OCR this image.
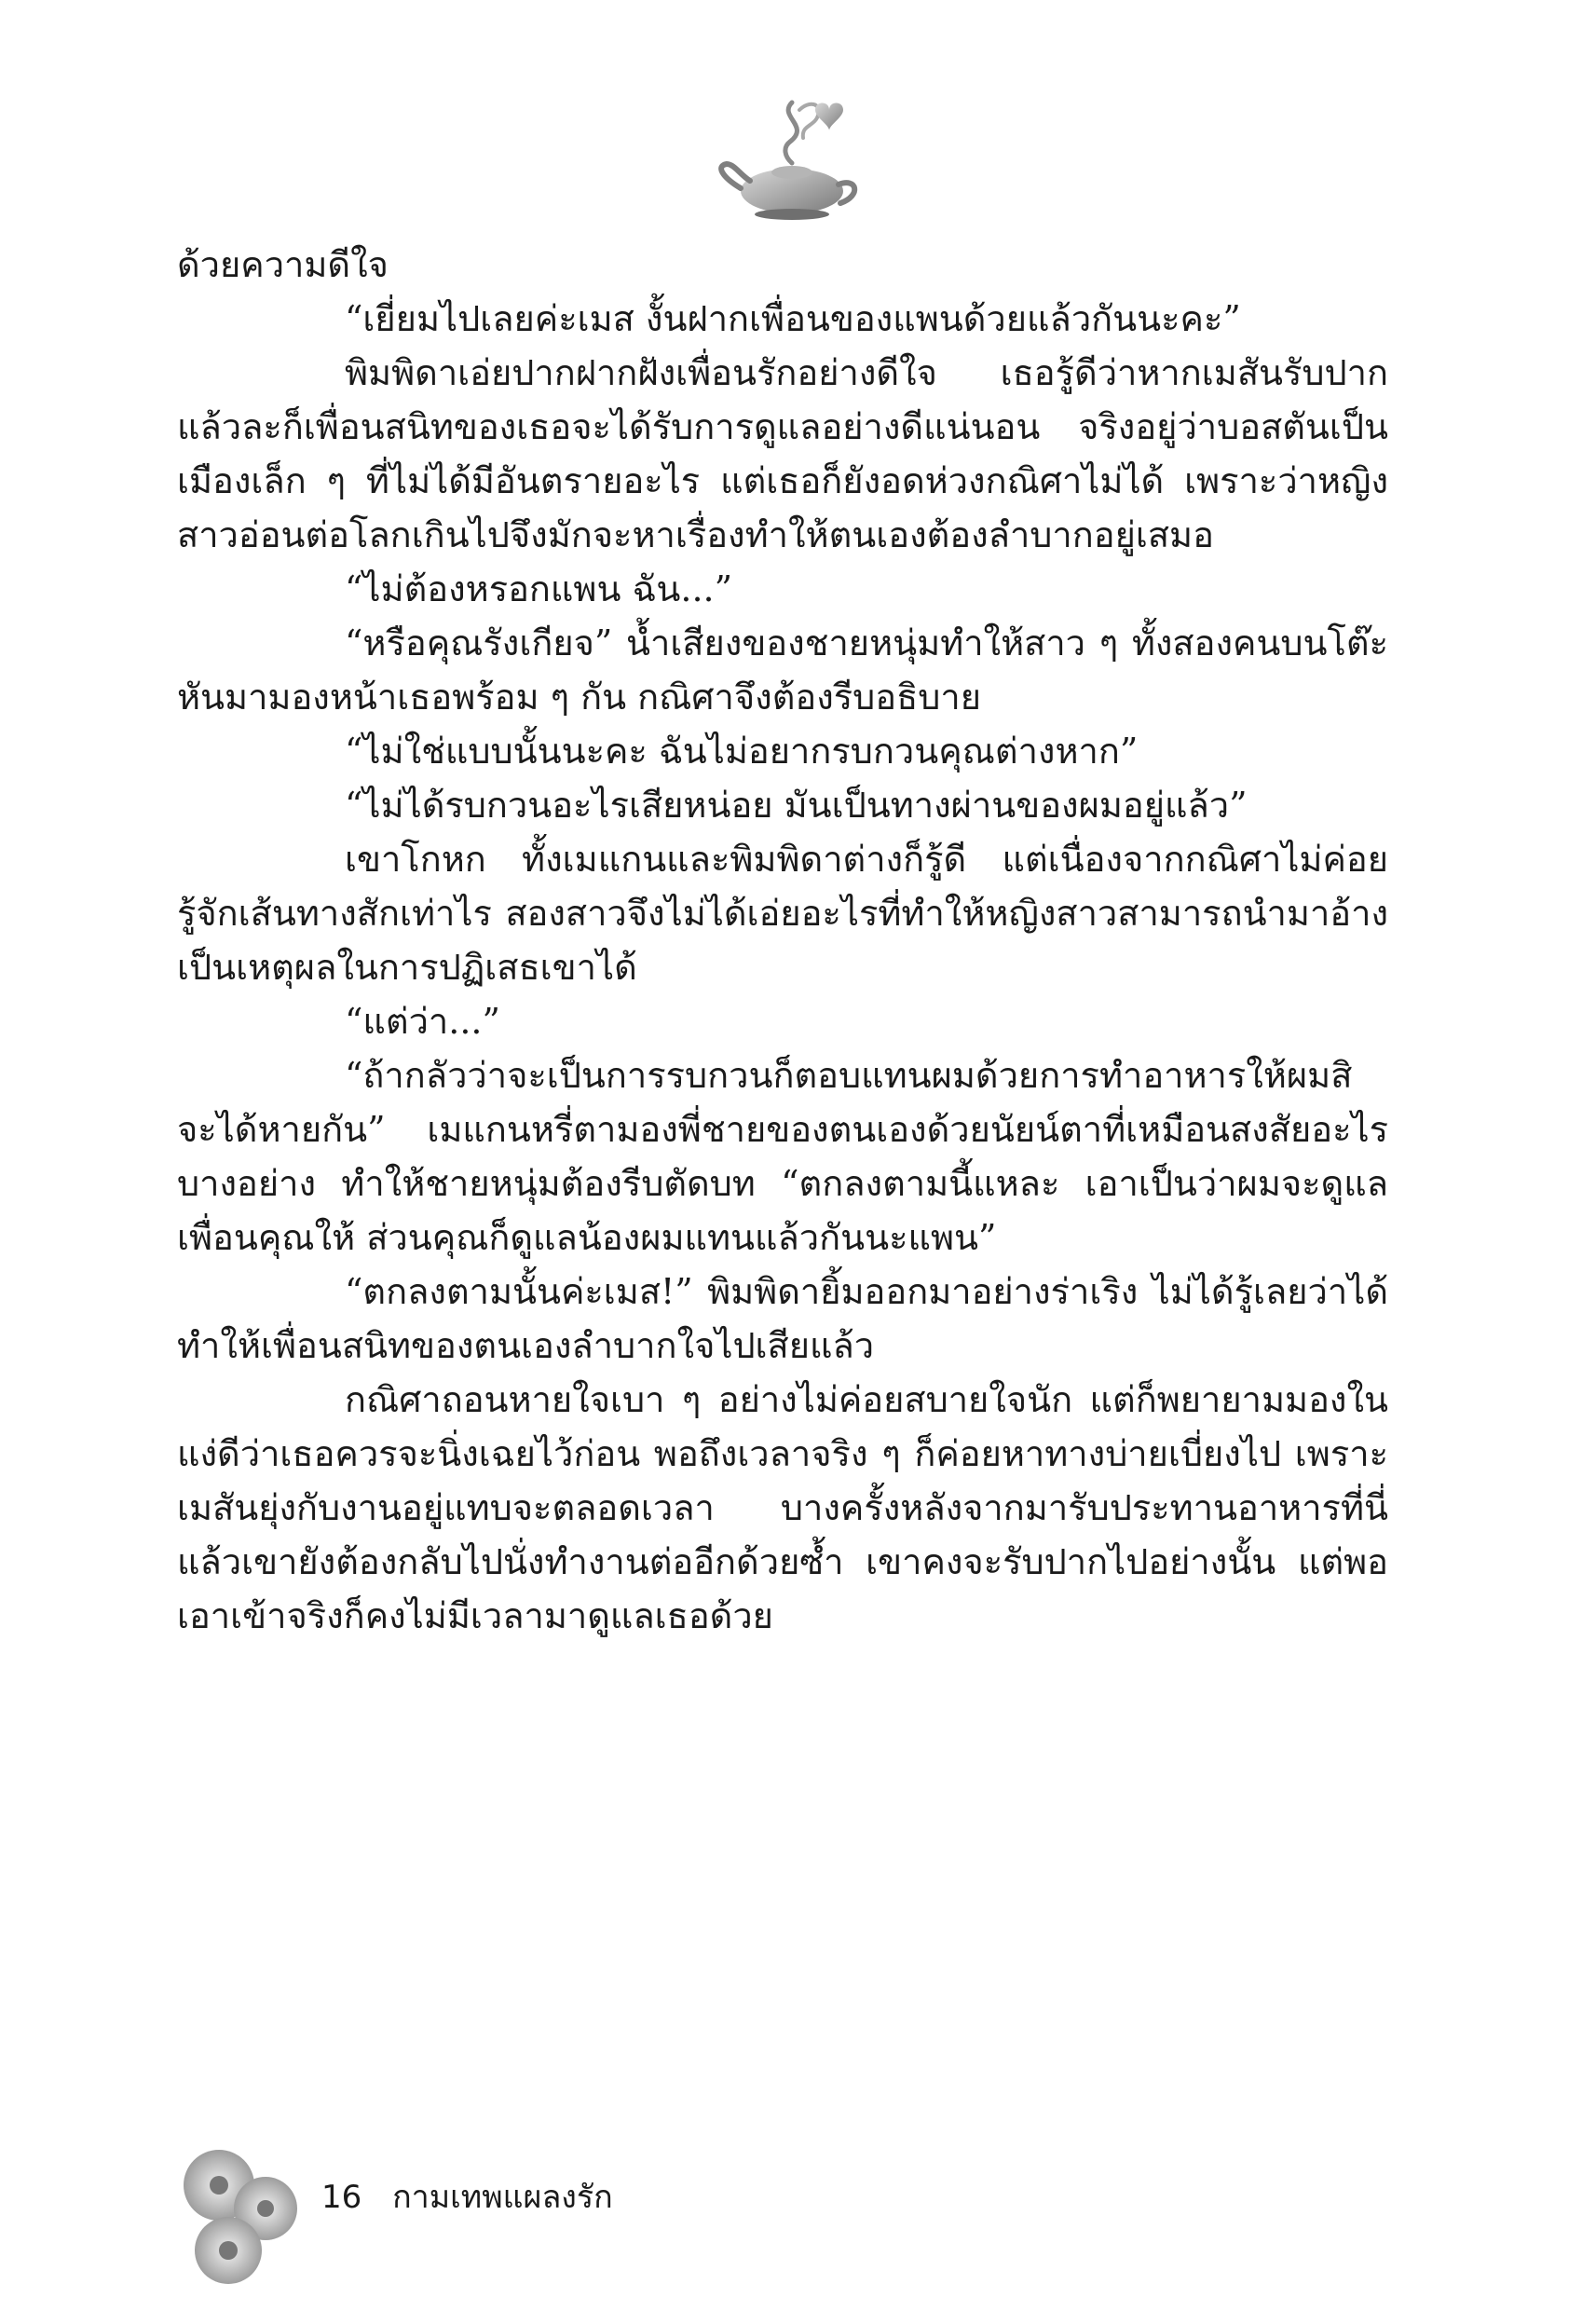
ด้วยความดีใจ

“เยี่ยมไปเลยค่ะเมส งั้นฝากเพื่อนของแพนด้วยแล้วกันนะคะ”

พิมพิดาเอ่ยปากฝากฝังเพื่อนรักอย่างดีใจ เธอรู้ดีว่าหากเมสันรับปากแล้วละก็เพื่อนสนิทของเธอจะได้รับการดูแลอย่างดีแน่นอน จริงอยู่ว่าบอสตันเป็นเมืองเล็ก ๆ ที่ไม่ได้มีอันตรายอะไร แต่เธอก็ยังอดห่วงกณิศาไม่ได้ เพราะว่าหญิงสาวอ่อนต่อโลกเกินไปจึงมักจะหาเรื่องทำให้ตนเองต้องลำบากอยู่เสมอ

“ไม่ต้องหรอกแพน ฉัน...”

“หรือคุณรังเกียจ” น้ำเสียงของชายหนุ่มทำให้สาว ๆ ทั้งสองคนบนโต๊ะหันมามองหน้าเธอพร้อม ๆ กัน กณิศาจึงต้องรีบอธิบาย

“ไม่ใช่แบบนั้นนะคะ ฉันไม่อยากรบกวนคุณต่างหาก”

“ไม่ได้รบกวนอะไรเสียหน่อย มันเป็นทางผ่านของผมอยู่แล้ว”

เขาโกหก ทั้งเมแกนและพิมพิดาต่างก็รู้ดี แต่เนื่องจากกณิศาไม่ค่อยรู้จักเส้นทางสักเท่าไร สองสาวจึงไม่ได้เอ่ยอะไรที่ทำให้หญิงสาวสามารถนำมาอ้างเป็นเหตุผลในการปฏิเสธเขาได้

“แต่ว่า...”

“ถ้ากลัวว่าจะเป็นการรบกวนก็ตอบแทนผมด้วยการทำอาหารให้ผมสิจะได้หายกัน” เมแกนหรี่ตามองพี่ชายของตนเองด้วยนัยน์ตาที่เหมือนสงสัยอะไรบางอย่าง ทำให้ชายหนุ่มต้องรีบตัดบท “ตกลงตามนี้แหละ เอาเป็นว่าผมจะดูแลเพื่อนคุณให้ ส่วนคุณก็ดูแลน้องผมแทนแล้วกันนะแพน”

“ตกลงตามนั้นค่ะเมส!” พิมพิดายิ้มออกมาอย่างร่าเริง ไม่ได้รู้เลยว่าได้ทำให้เพื่อนสนิทของตนเองลำบากใจไปเสียแล้ว

กณิศาถอนหายใจเบา ๆ อย่างไม่ค่อยสบายใจนัก แต่ก็พยายามมองในแง่ดีว่าเธอควรจะนิ่งเฉยไว้ก่อน พอถึงเวลาจริง ๆ ก็ค่อยหาทางบ่ายเบี่ยงไป เพราะเมสันยุ่งกับงานอยู่แทบจะตลอดเวลา บางครั้งหลังจากมารับประทานอาหารที่นี่แล้วเขายังต้องกลับไปนั่งทำงานต่ออีกด้วยซ้ำ เขาคงจะรับปากไปอย่างนั้น แต่พอเอาเข้าจริงก็คงไม่มีเวลามาดูแลเธอด้วย

16 กามเทพแผลงรัก
